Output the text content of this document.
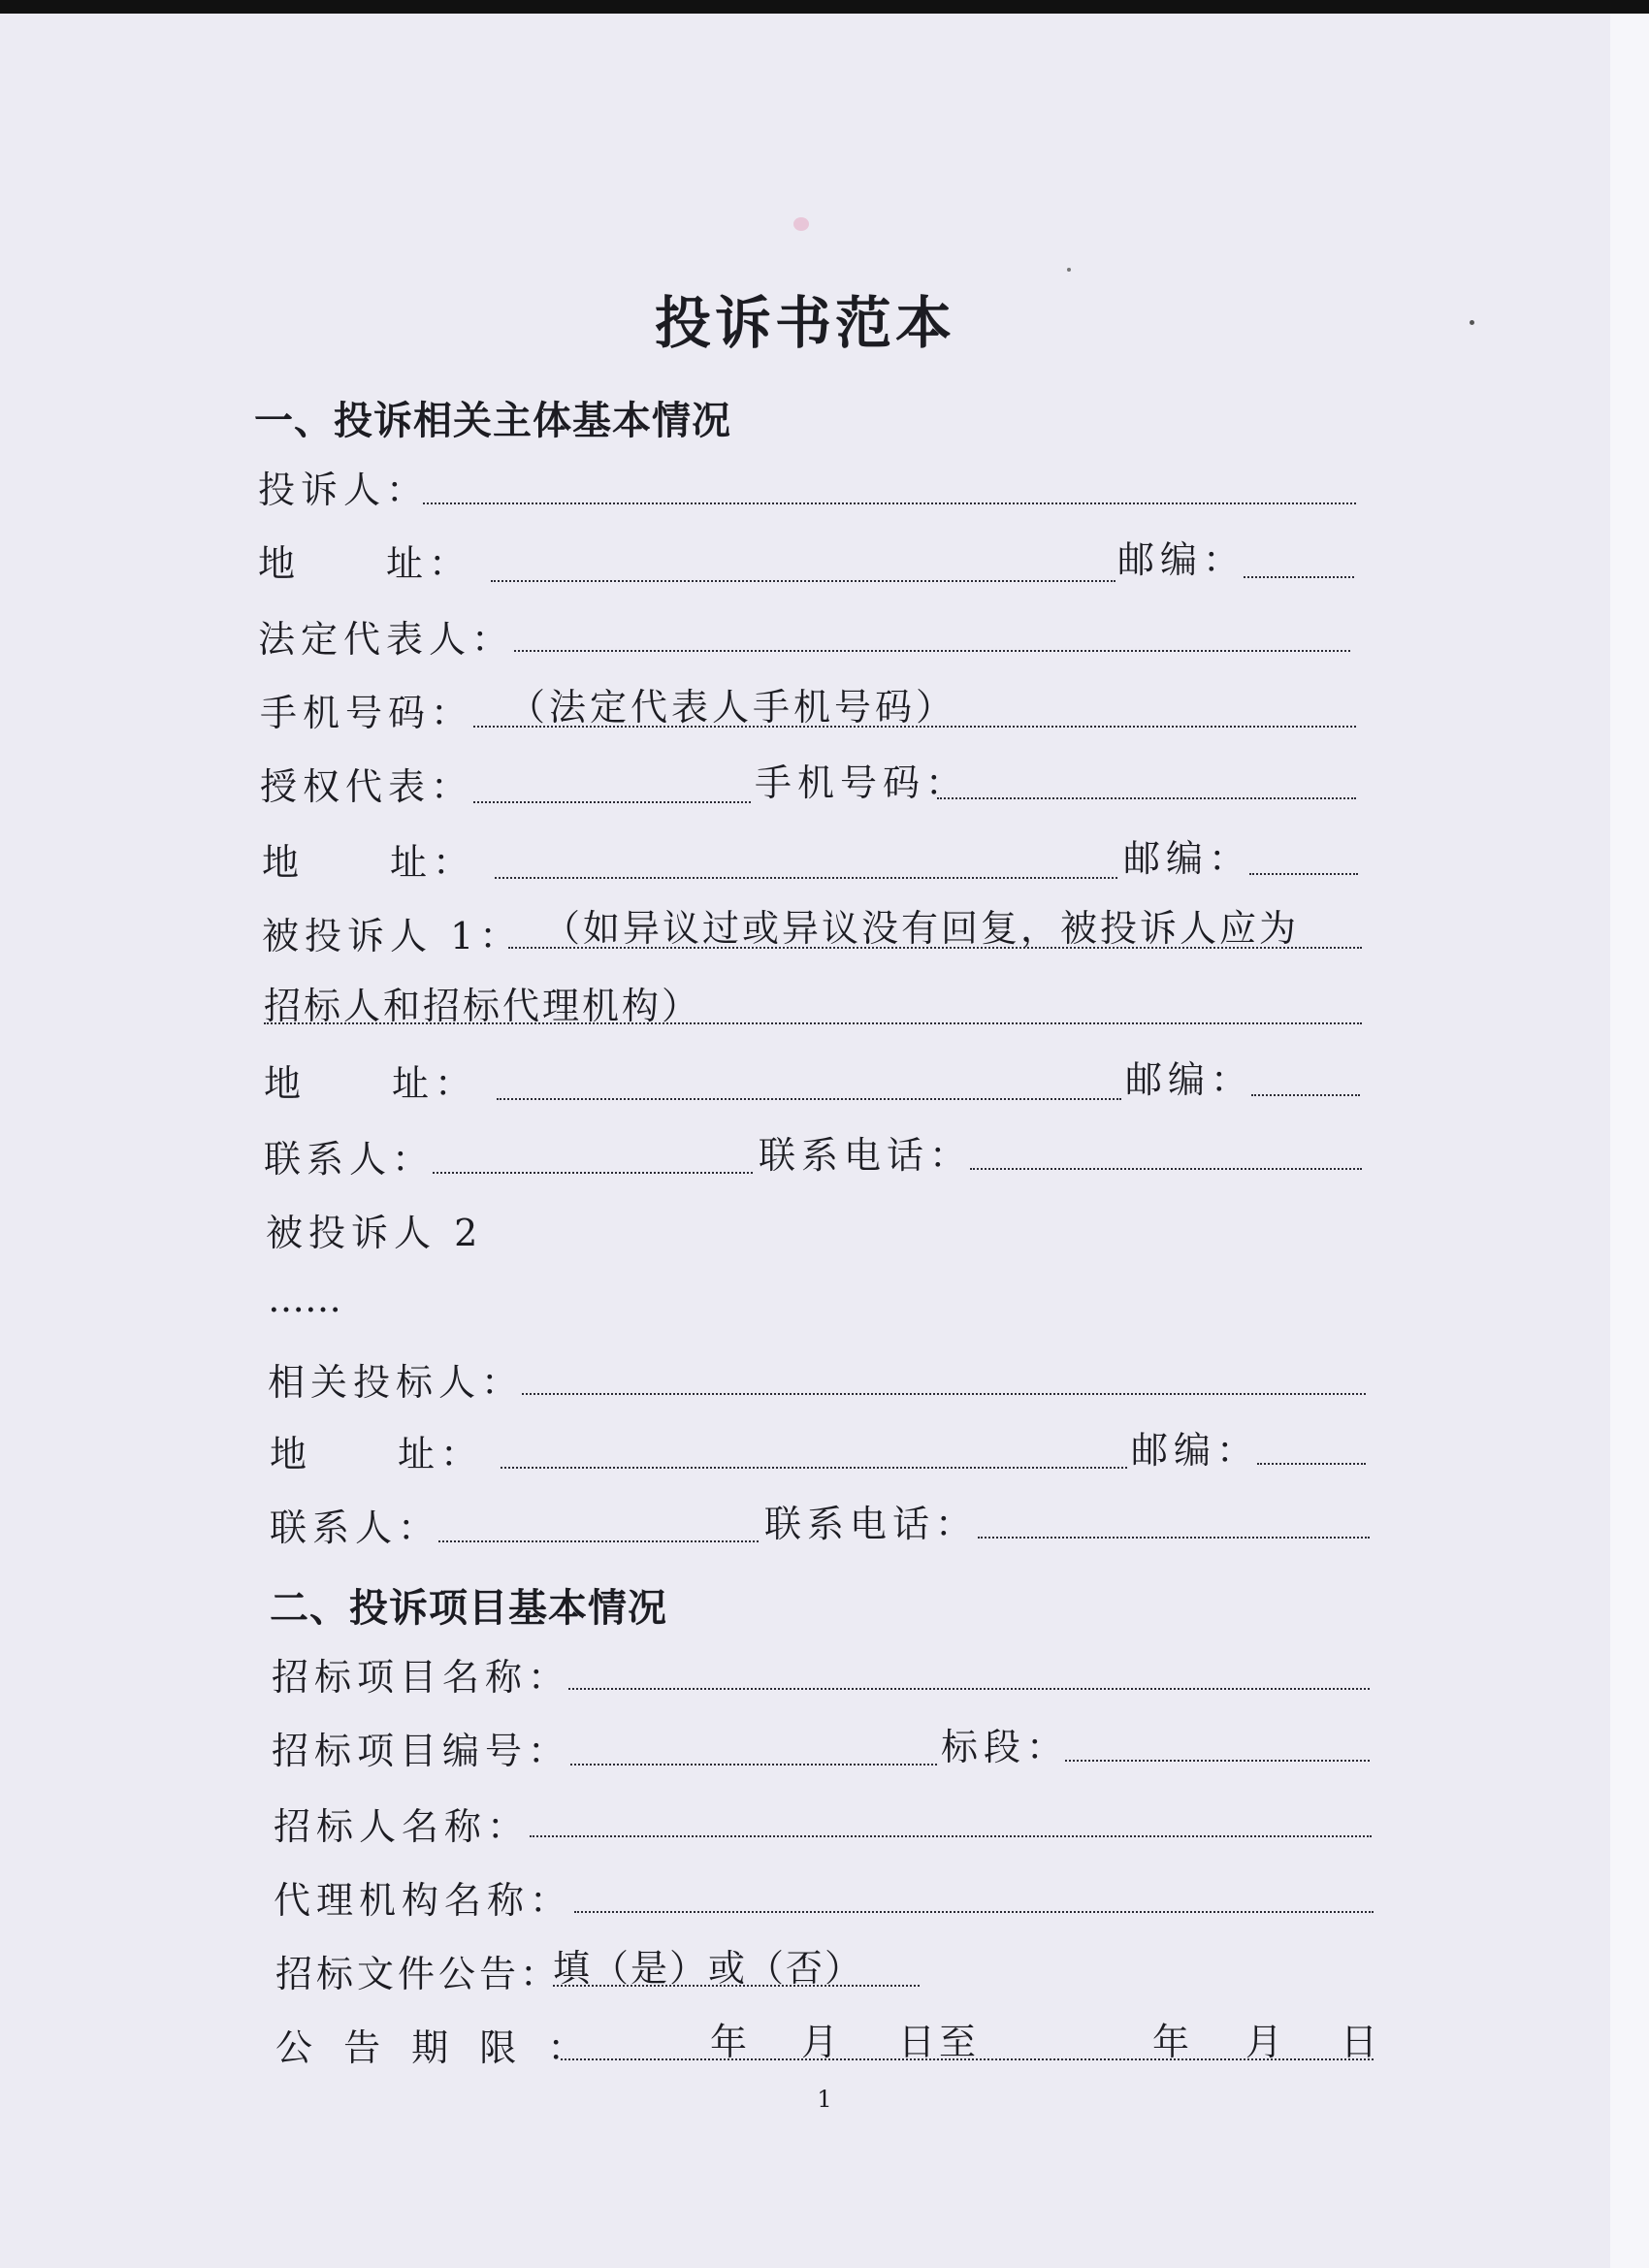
投诉书范本
一、投诉相关主体基本情况
投诉人：
地　　址：	邮编：
法定代表人：
手机号码： （法定代表人手机号码）
授权代表：	手机号码：
地　　址：	邮编：
被投诉人 1： （如异议过或异议没有回复，被投诉人应为
招标人和招标代理机构）
地　　址：	邮编：
联系人：	联系电话：
被投诉人 2
……
相关投标人：
地　　址：	邮编：
联系人：	联系电话：
二、投诉项目基本情况
招标项目名称：
招标项目编号：	标段：
招标人名称：
代理机构名称：
招标文件公告：
填（是）或（否）
公 告 期 限 ：	年 月 日至	年 月 日
1
